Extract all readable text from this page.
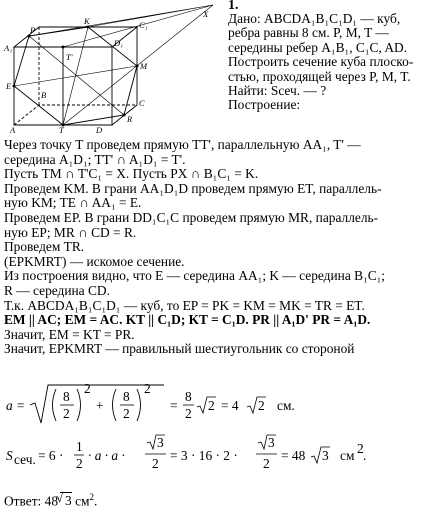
P
K
X
A₁	D₁
C₁
T'
M
E
B
C
R
A	T	D
1.
Дано: ABCDA₁B₁C₁D₁ — куб,
ребра равны 8 см. P, M, T —
середины ребер A₁B₁, C₁C, AD.
Построить сечение куба плоско-
стью, проходящей через P, M, T.
Найти: Sсеч. — ?
Построение:
Через точку T проведем прямую TT', параллельную AA₁, T' —
середина A₁D₁; TT' ∩ A₁D₁ = T'.
Пусть TM ∩ T'C₁ = X. Пусть PX ∩ B₁C₁ = K.
Проведем KM. В грани AA₁D₁D проведем прямую ET, параллель-
ную KM; TE ∩ AA₁ = E.
Проведем EP. В грани DD₁C₁C проведем прямую MR, параллель-
ную EP; MR ∩ CD = R.
Проведем TR.
(EPKMRT) — искомое сечение.
Из построения видно, что E — середина AA₁; K — середина B₁C₁;
R — середина CD.
Т.к. ABCDA₁B₁C₁D₁ — куб, то EP = PK = KM = MK = TR = ET.
EM || AC; EM = AC. KT || C₁D; KT = C₁D. PR || A₁D' PR = A₁D.
Значит, EM = KT = PR.
Значит, EPKMRT — правильный шестиугольник со стороной
a =
8
2
2
+
8
2
2
=
8
2
2 = 4 2 см.
S сеч. = 6 ·
1
2
· a · a ·
3
2
= 3 · 16 · 2 ·
3
2
= 48 3 см 2 .
Ответ: 48
√ 3 $см^2$.
